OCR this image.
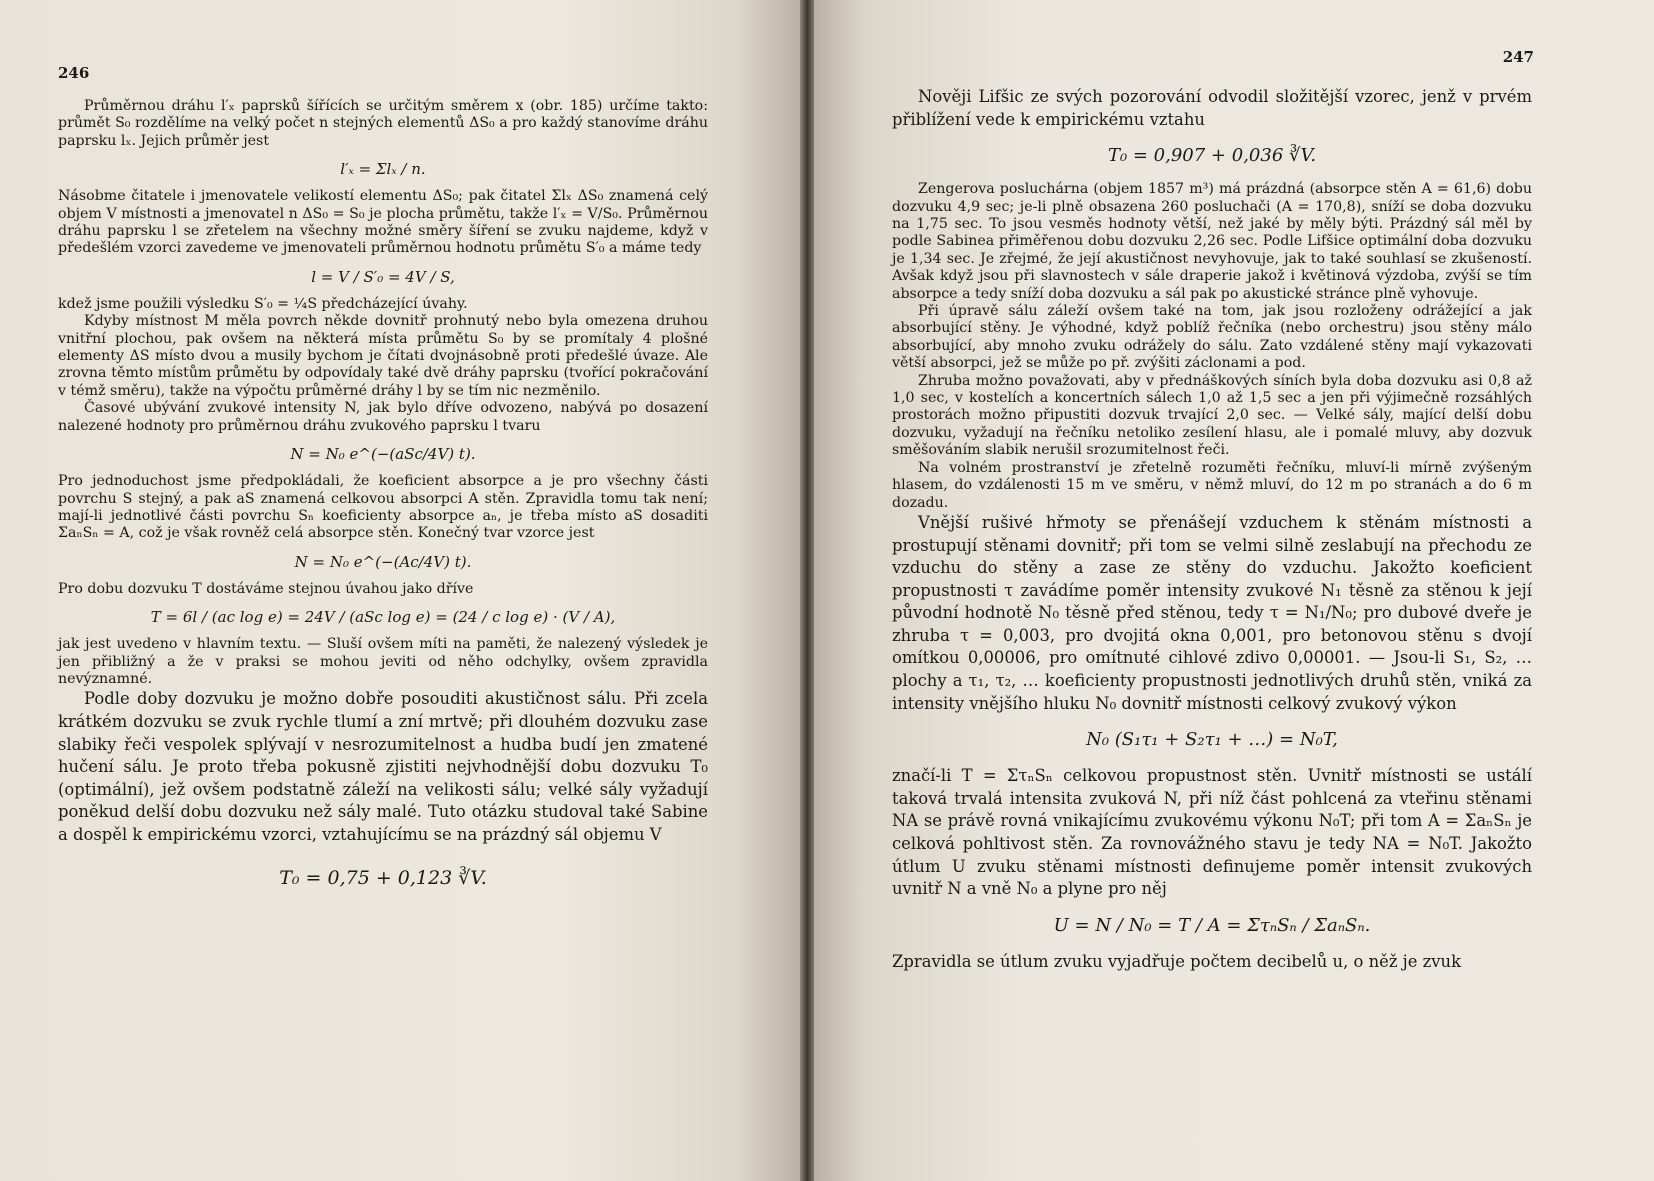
246
Průměrnou dráhu l′ₓ paprsků šířících se určitým směrem x (obr. 185) určíme takto: průmět S₀ rozdělíme na velký počet n stejných elementů ΔS₀ a pro každý stanovíme dráhu paprsku lₓ. Jejich průměr jest
l′ₓ = Σlₓ / n.
Násobme čitatele i jmenovatele velikostí elementu ΔS₀; pak čitatel Σlₓ ΔS₀ znamená celý objem V místnosti a jmenovatel n ΔS₀ = S₀ je plocha průmětu, takže l′ₓ = V/S₀. Průměrnou dráhu paprsku l se zřetelem na všechny možné směry šíření se zvuku najdeme, když v předešlém vzorci zavedeme ve jmenovateli průměrnou hodnotu průmětu S′₀ a máme tedy
l = V / S′₀ = 4V / S,
kdež jsme použili výsledku S′₀ = ¼S předcházející úvahy.
Kdyby místnost M měla povrch někde dovnitř prohnutý nebo byla omezena druhou vnitřní plochou, pak ovšem na některá místa průmětu S₀ by se promítaly 4 plošné elementy ΔS místo dvou a musily bychom je čítati dvojnásobně proti předešlé úvaze. Ale zrovna těmto místům průmětu by odpovídaly také dvě dráhy paprsku (tvořící pokračování v témž směru), takže na výpočtu průměrné dráhy l by se tím nic nezměnilo.
Časové ubývání zvukové intensity N, jak bylo dříve odvozeno, nabývá po dosazení nalezené hodnoty pro průměrnou dráhu zvukového paprsku l tvaru
N = N₀ e^(−(aSc/4V) t).
Pro jednoduchost jsme předpokládali, že koeficient absorpce a je pro všechny části povrchu S stejný, a pak aS znamená celkovou absorpci A stěn. Zpravidla tomu tak není; mají-li jednotlivé části povrchu Sₙ koeficienty absorpce aₙ, je třeba místo aS dosaditi ΣaₙSₙ = A, což je však rovněž celá absorpce stěn. Konečný tvar vzorce jest
N = N₀ e^(−(Ac/4V) t).
Pro dobu dozvuku T dostáváme stejnou úvahou jako dříve
T = 6l / (ac log e) = 24V / (aSc log e) = (24 / c log e) · (V / A),
jak jest uvedeno v hlavním textu. — Sluší ovšem míti na paměti, že nalezený výsledek je jen přibližný a že v praksi se mohou jeviti od něho odchylky, ovšem zpravidla nevýznamné.
Podle doby dozvuku je možno dobře posouditi akustičnost sálu. Při zcela krátkém dozvuku se zvuk rychle tlumí a zní mrtvě; při dlouhém dozvuku zase slabiky řeči vespolek splývají v nesrozumitelnost a hudba budí jen zmatené hučení sálu. Je proto třeba pokusně zjistiti nejvhodnější dobu dozvuku T₀ (optimální), jež ovšem podstatně záleží na velikosti sálu; velké sály vyžadují poněkud delší dobu dozvuku než sály malé. Tuto otázku studoval také Sabine a dospěl k empirickému vzorci, vztahujícímu se na prázdný sál objemu V
T₀ = 0,75 + 0,123 ∛V.
247
Nověji Lifšic ze svých pozorování odvodil složitější vzorec, jenž v prvém přiblížení vede k empirickému vztahu
T₀ = 0,907 + 0,036 ∛V.
Zengerova posluchárna (objem 1857 m³) má prázdná (absorpce stěn A = 61,6) dobu dozvuku 4,9 sec; je-li plně obsazena 260 posluchači (A = 170,8), sníží se doba dozvuku na 1,75 sec. To jsou vesměs hodnoty větší, než jaké by měly býti. Prázdný sál měl by podle Sabinea přiměřenou dobu dozvuku 2,26 sec. Podle Lifšice optimální doba dozvuku je 1,34 sec. Je zřejmé, že její akustičnost nevyhovuje, jak to také souhlasí se zkušeností. Avšak když jsou při slavnostech v sále draperie jakož i květinová výzdoba, zvýší se tím absorpce a tedy sníží doba dozvuku a sál pak po akustické stránce plně vyhovuje.
Při úpravě sálu záleží ovšem také na tom, jak jsou rozloženy odrážející a jak absorbující stěny. Je výhodné, když poblíž řečníka (nebo orchestru) jsou stěny málo absorbující, aby mnoho zvuku odrážely do sálu. Zato vzdálené stěny mají vykazovati větší absorpci, jež se může po př. zvýšiti záclonami a pod.
Zhruba možno považovati, aby v přednáškových síních byla doba dozvuku asi 0,8 až 1,0 sec, v kostelích a koncertních sálech 1,0 až 1,5 sec a jen při výjimečně rozsáhlých prostorách možno připustiti dozvuk trvající 2,0 sec. — Velké sály, mající delší dobu dozvuku, vyžadují na řečníku netoliko zesílení hlasu, ale i pomalé mluvy, aby dozvuk směšováním slabik nerušil srozumitelnost řeči.
Na volném prostranství je zřetelně rozuměti řečníku, mluví-li mírně zvýšeným hlasem, do vzdálenosti 15 m ve směru, v němž mluví, do 12 m po stranách a do 6 m dozadu.
Vnější rušivé hřmoty se přenášejí vzduchem k stěnám místnosti a prostupují stěnami dovnitř; při tom se velmi silně zeslabují na přechodu ze vzduchu do stěny a zase ze stěny do vzduchu. Jakožto koeficient propustnosti τ zavádíme poměr intensity zvukové N₁ těsně za stěnou k její původní hodnotě N₀ těsně před stěnou, tedy τ = N₁/N₀; pro dubové dveře je zhruba τ = 0,003, pro dvojitá okna 0,001, pro betonovou stěnu s dvojí omítkou 0,00006, pro omítnuté cihlové zdivo 0,00001. — Jsou-li S₁, S₂, … plochy a τ₁, τ₂, … koeficienty propustnosti jednotlivých druhů stěn, vniká za intensity vnějšího hluku N₀ dovnitř místnosti celkový zvukový výkon
N₀ (S₁τ₁ + S₂τ₁ + …) = N₀T,
značí-li T = ΣτₙSₙ celkovou propustnost stěn. Uvnitř místnosti se ustálí taková trvalá intensita zvuková N, při níž část pohlcená za vteřinu stěnami NA se právě rovná vnikajícímu zvukovému výkonu N₀T; při tom A = ΣaₙSₙ je celková pohltivost stěn. Za rovnovážného stavu je tedy NA = N₀T. Jakožto útlum U zvuku stěnami místnosti definujeme poměr intensit zvukových uvnitř N a vně N₀ a plyne pro něj
U = N / N₀ = T / A = ΣτₙSₙ / ΣaₙSₙ.
Zpravidla se útlum zvuku vyjadřuje počtem decibelů u, o něž je zvuk
